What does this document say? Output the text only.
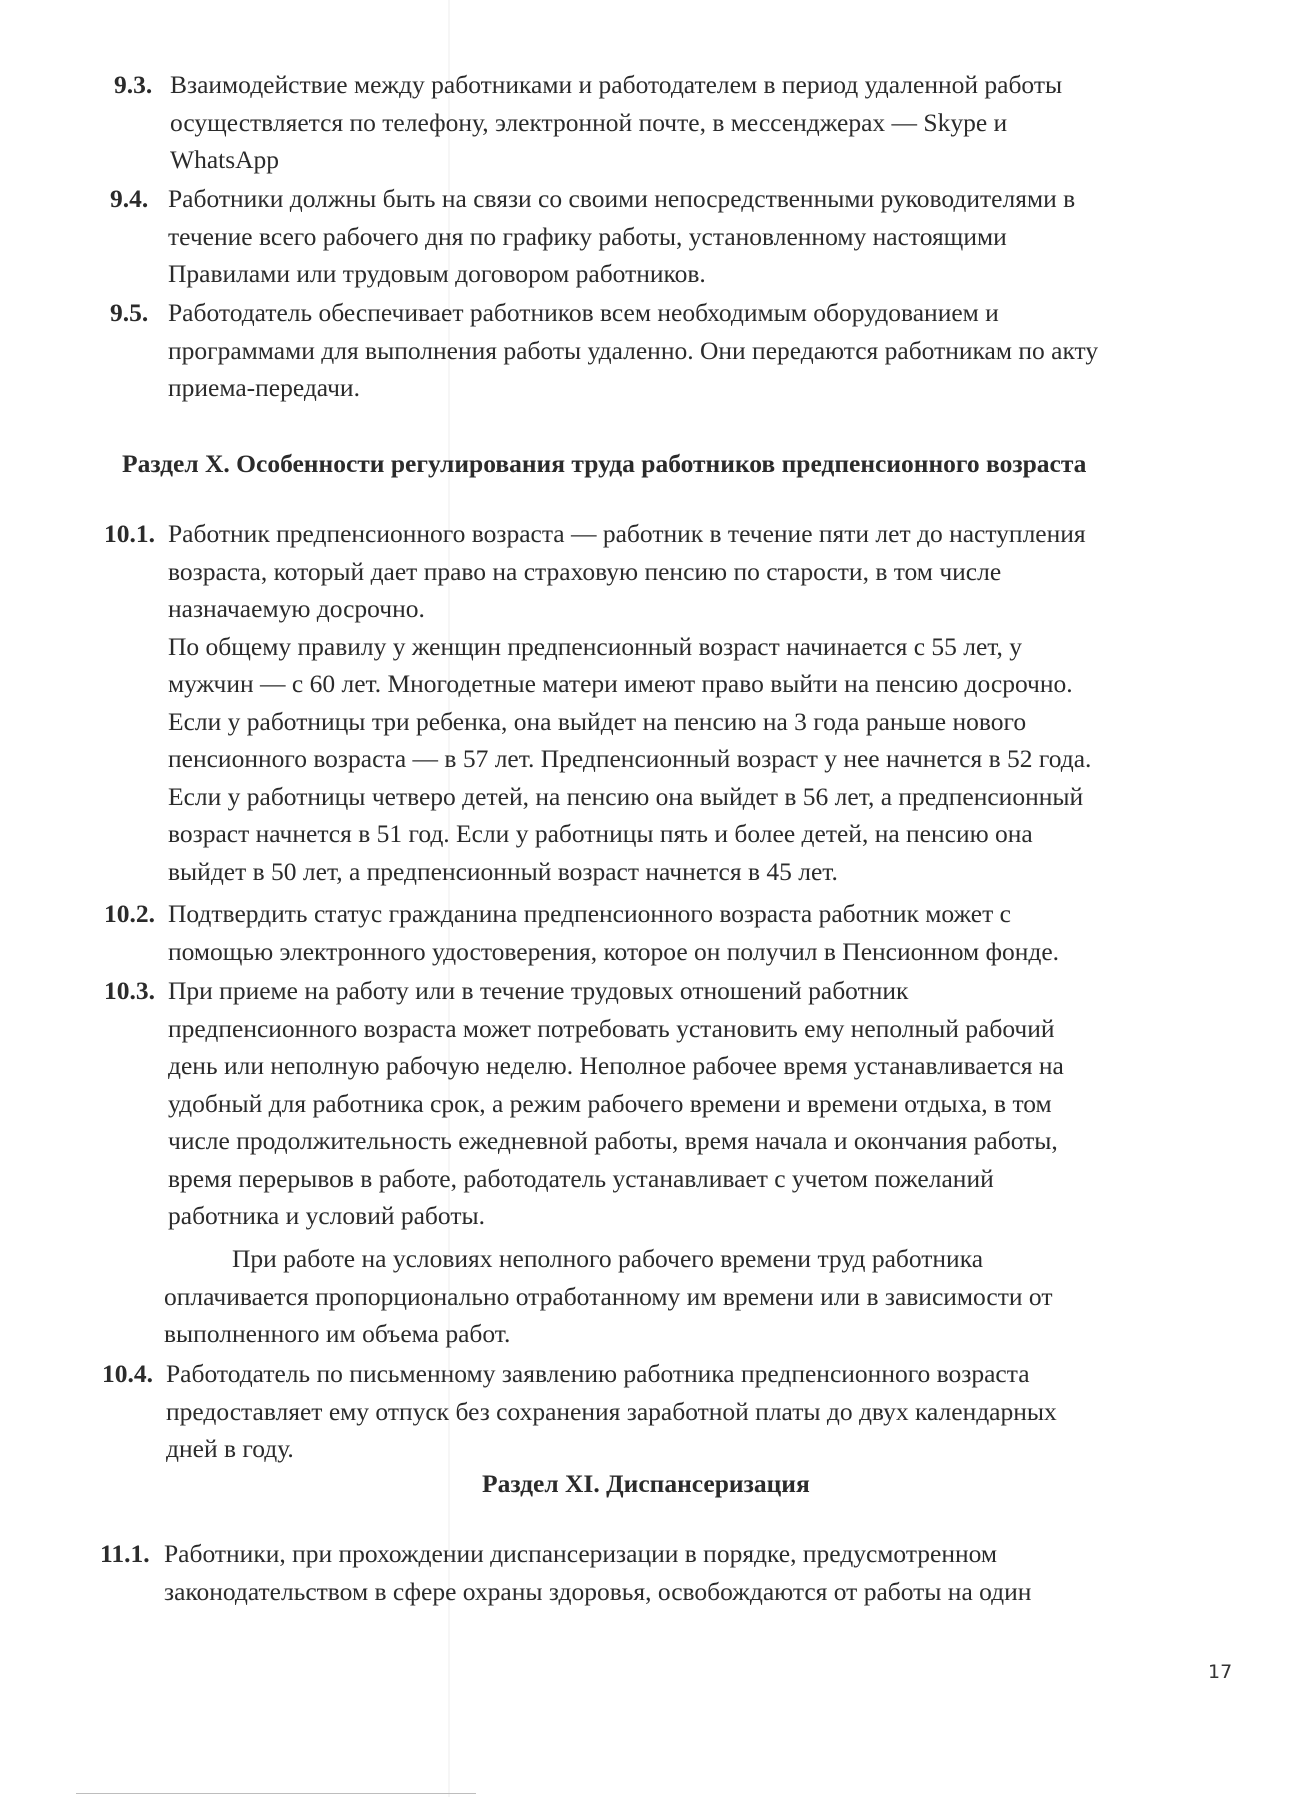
9.3. Взаимодействие между работниками и работодателем в период удаленной работы
осуществляется по телефону, электронной почте, в мессенджерах — Skype и
WhatsApp
9.4. Работники должны быть на связи со своими непосредственными руководителями в
течение всего рабочего дня по графику работы, установленному настоящими
Правилами или трудовым договором работников.
9.5. Работодатель обеспечивает работников всем необходимым оборудованием и
программами для выполнения работы удаленно. Они передаются работникам по акту
приема-передачи.
Раздел X. Особенности регулирования труда работников предпенсионного возраста
10.1. Работник предпенсионного возраста — работник в течение пяти лет до наступления
возраста, который дает право на страховую пенсию по старости, в том числе
назначаемую досрочно.
По общему правилу у женщин предпенсионный возраст начинается с 55 лет, у
мужчин — с 60 лет. Многодетные матери имеют право выйти на пенсию досрочно.
Если у работницы три ребенка, она выйдет на пенсию на 3 года раньше нового
пенсионного возраста — в 57 лет. Предпенсионный возраст у нее начнется в 52 года.
Если у работницы четверо детей, на пенсию она выйдет в 56 лет, а предпенсионный
возраст начнется в 51 год. Если у работницы пять и более детей, на пенсию она
выйдет в 50 лет, а предпенсионный возраст начнется в 45 лет.
10.2. Подтвердить статус гражданина предпенсионного возраста работник может с
помощью электронного удостоверения, которое он получил в Пенсионном фонде.
10.3. При приеме на работу или в течение трудовых отношений работник
предпенсионного возраста может потребовать установить ему неполный рабочий
день или неполную рабочую неделю. Неполное рабочее время устанавливается на
удобный для работника срок, а режим рабочего времени и времени отдыха, в том
числе продолжительность ежедневной работы, время начала и окончания работы,
время перерывов в работе, работодатель устанавливает с учетом пожеланий
работника и условий работы.
При работе на условиях неполного рабочего времени труд работника
оплачивается пропорционально отработанному им времени или в зависимости от
выполненного им объема работ.
10.4. Работодатель по письменному заявлению работника предпенсионного возраста
предоставляет ему отпуск без сохранения заработной платы до двух календарных
дней в году.
Раздел XI. Диспансеризация
11.1. Работники, при прохождении диспансеризации в порядке, предусмотренном
законодательством в сфере охраны здоровья, освобождаются от работы на один
17
